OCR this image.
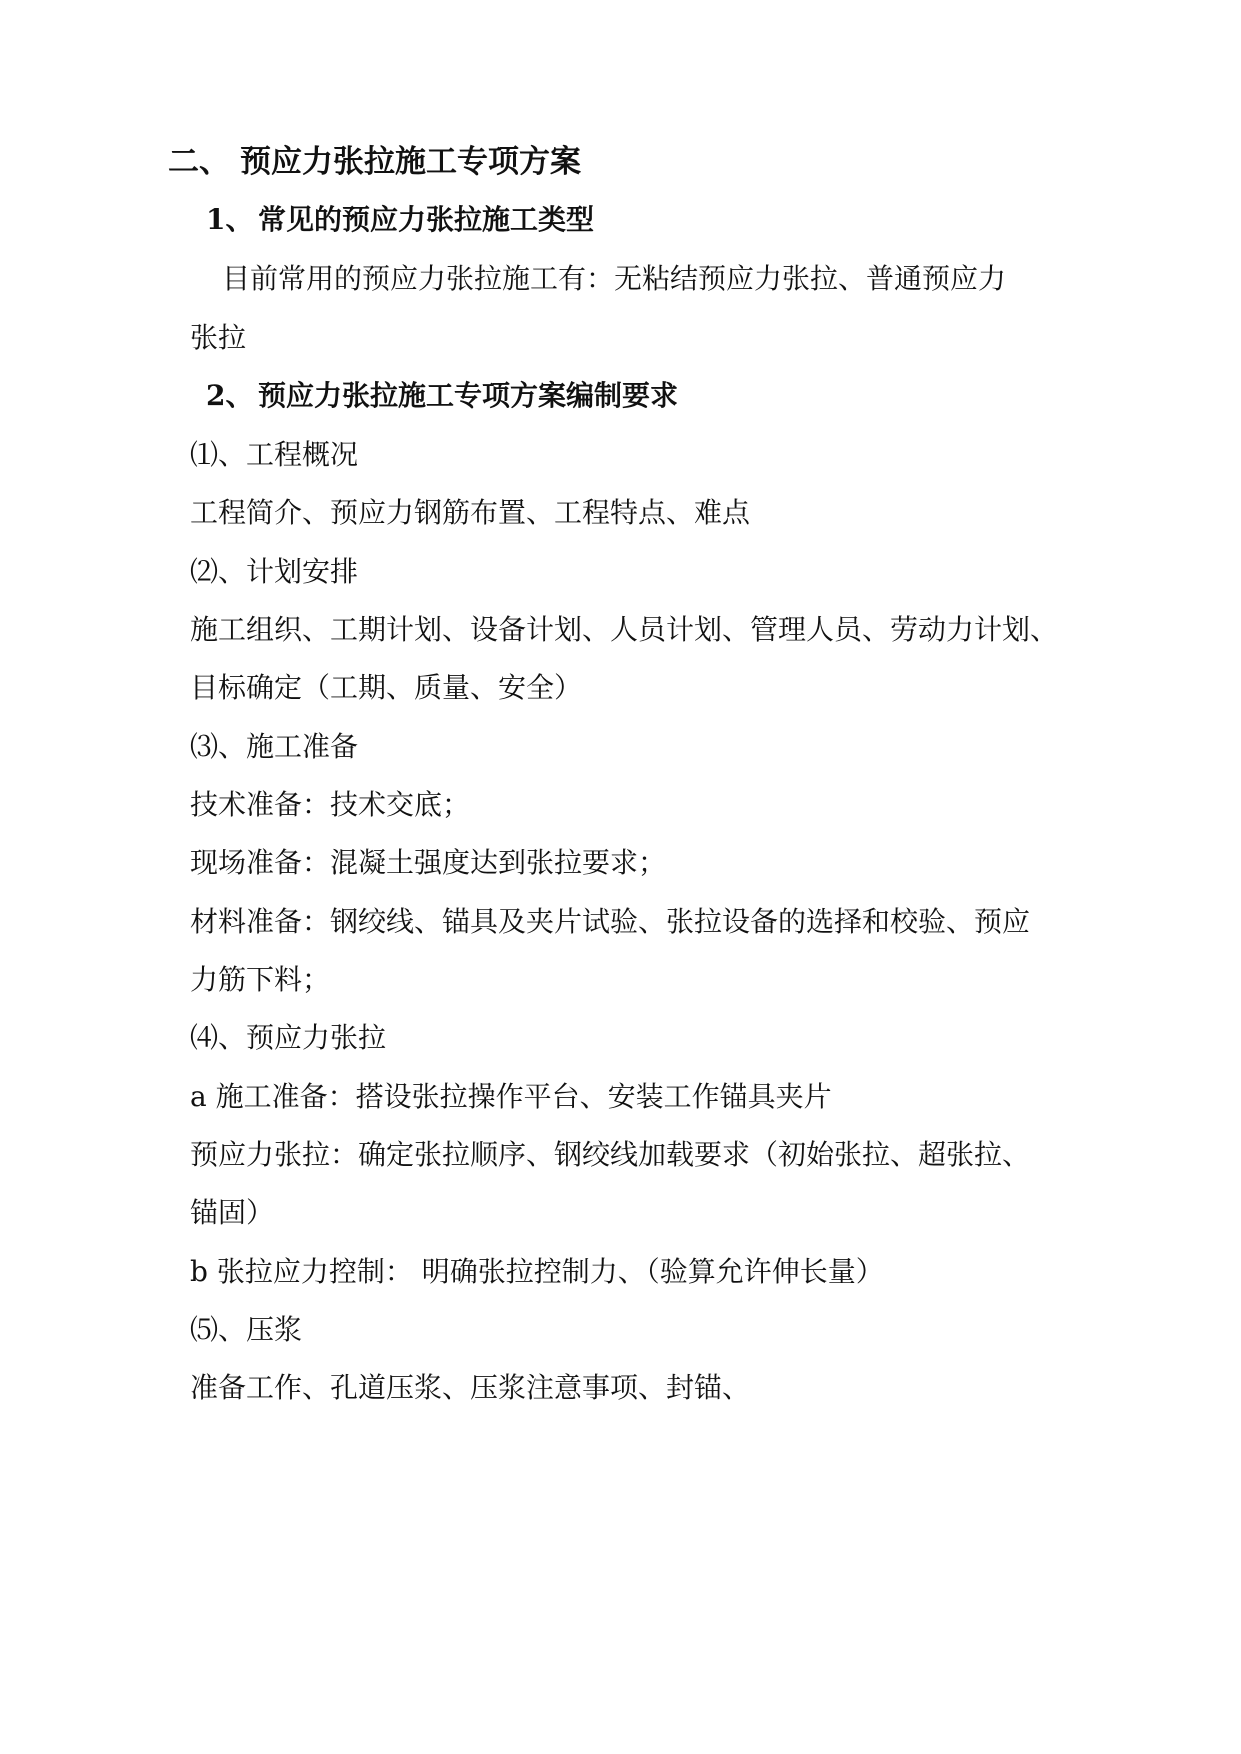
二、 预应力张拉施工专项方案
1、 常见的预应力张拉施工类型
目前常用的预应力张拉施工有：无粘结预应力张拉、普通预应力
张拉
2、 预应力张拉施工专项方案编制要求
⑴、工程概况
工程简介、预应力钢筋布置、工程特点、难点
⑵、计划安排
施工组织、工期计划、设备计划、人员计划、管理人员、劳动力计划、
目标确定（工期、质量、安全）
⑶、施工准备
技术准备：技术交底；
现场准备：混凝土强度达到张拉要求；
材料准备：钢绞线、锚具及夹片试验、张拉设备的选择和校验、预应
力筋下料；
⑷、预应力张拉
a 施工准备：搭设张拉操作平台、安装工作锚具夹片
预应力张拉：确定张拉顺序、钢绞线加载要求（初始张拉、超张拉、
锚固）
b 张拉应力控制： 明确张拉控制力、（验算允许伸长量）
⑸、压浆
准备工作、孔道压浆、压浆注意事项、封锚、
